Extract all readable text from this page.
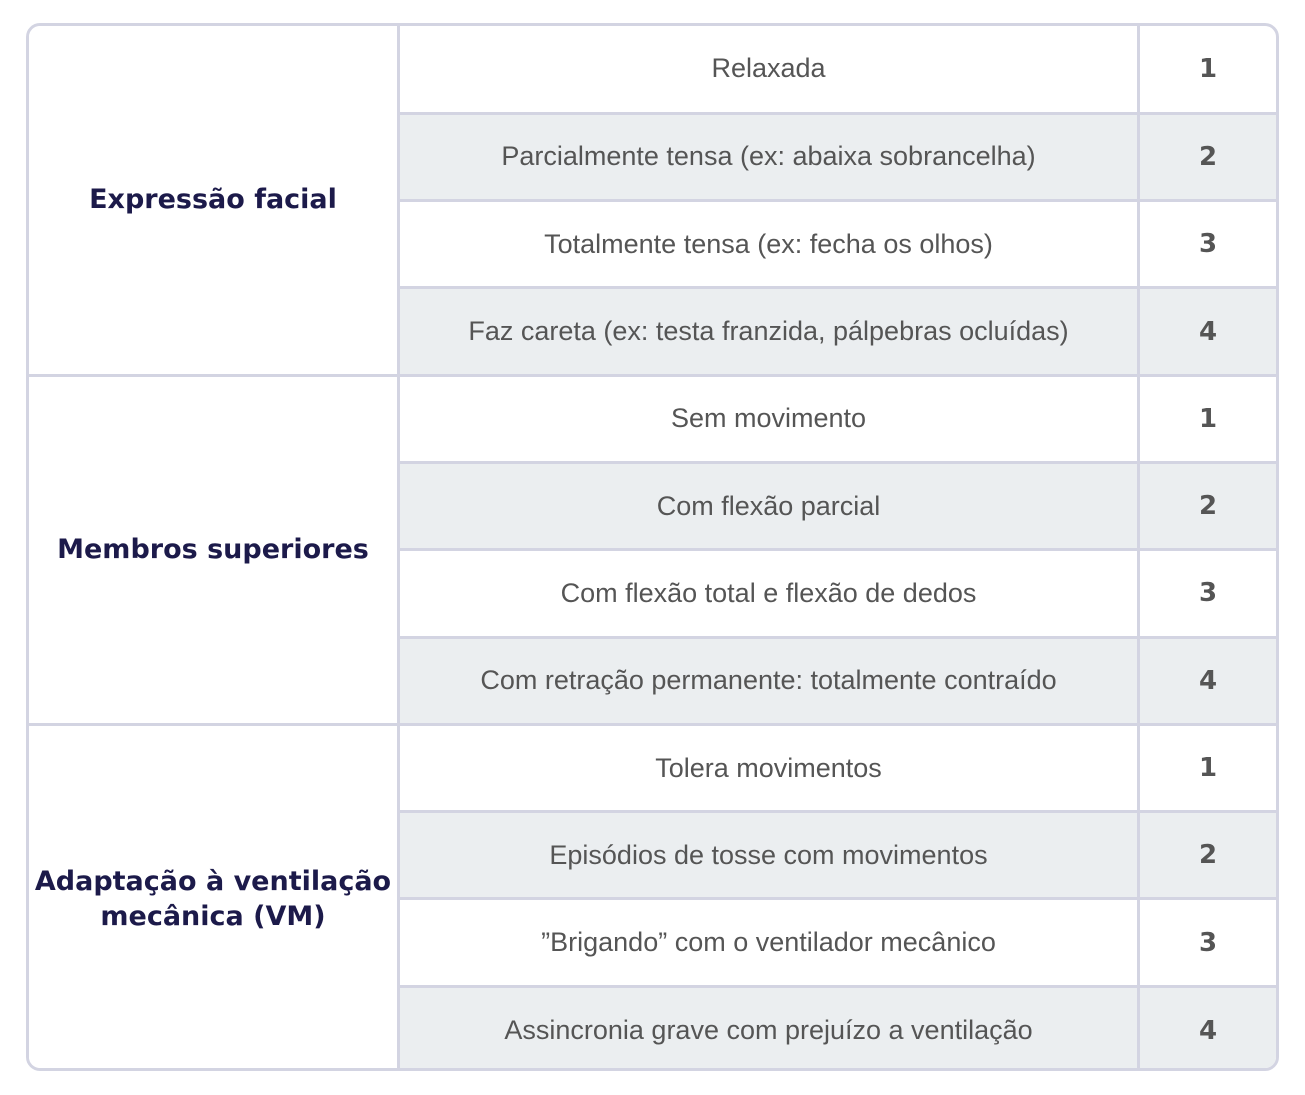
Expressão facial	Relaxada	1
	Parcialmente tensa (ex: abaixa sobrancelha)	2
	Totalmente tensa (ex: fecha os olhos)	3
	Faz careta (ex: testa franzida, pálpebras ocluídas)	4
Membros superiores	Sem movimento	1
	Com flexão parcial	2
	Com flexão total e flexão de dedos	3
	Com retração permanente: totalmente contraído	4
Adaptação à ventilação mecânica (VM)	Tolera movimentos	1
	Episódios de tosse com movimentos	2
	”Brigando” com o ventilador mecânico	3
	Assincronia grave com prejuízo a ventilação	4
